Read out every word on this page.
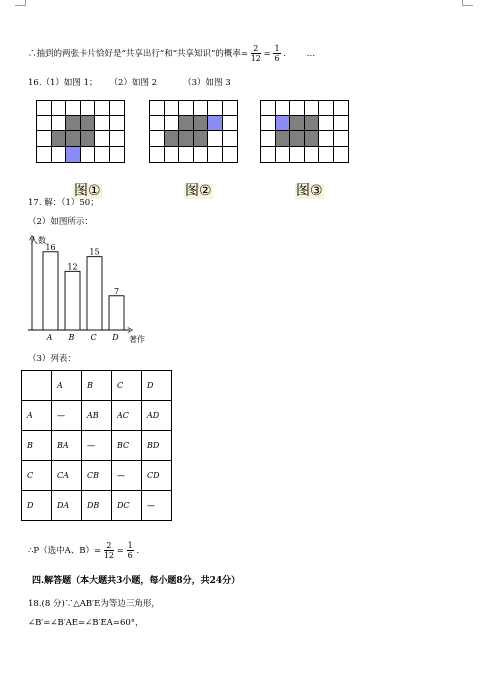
∴抽到的两张卡片恰好是“共享出行”和“共享知识”的概率= $\frac{2}{12} = \frac{1}{6}$ . …
16.（1）如图 1； （2）如图 2	（3）如图 3
图①	图②	图③
17. 解：（1）50；
（2）如图所示：
人数
著作
16
A
12
B
15
C
7
D
（3）列表：
	A	B	C	D
A	—	AB	AC	AD
B	BA	—	BC	BD
C	CA	CB	—	CD
D	DA	DB	DC	—
∴P（选中A、$B)= \frac{2}{12} = \frac{1}{6}$ .
四.解答题（本大题共3小题，每小题8分，共24分）
18.(8 分)∵△AB′E为等边三角形，
∠B′=∠B′AE=∠B′EA=60°，
